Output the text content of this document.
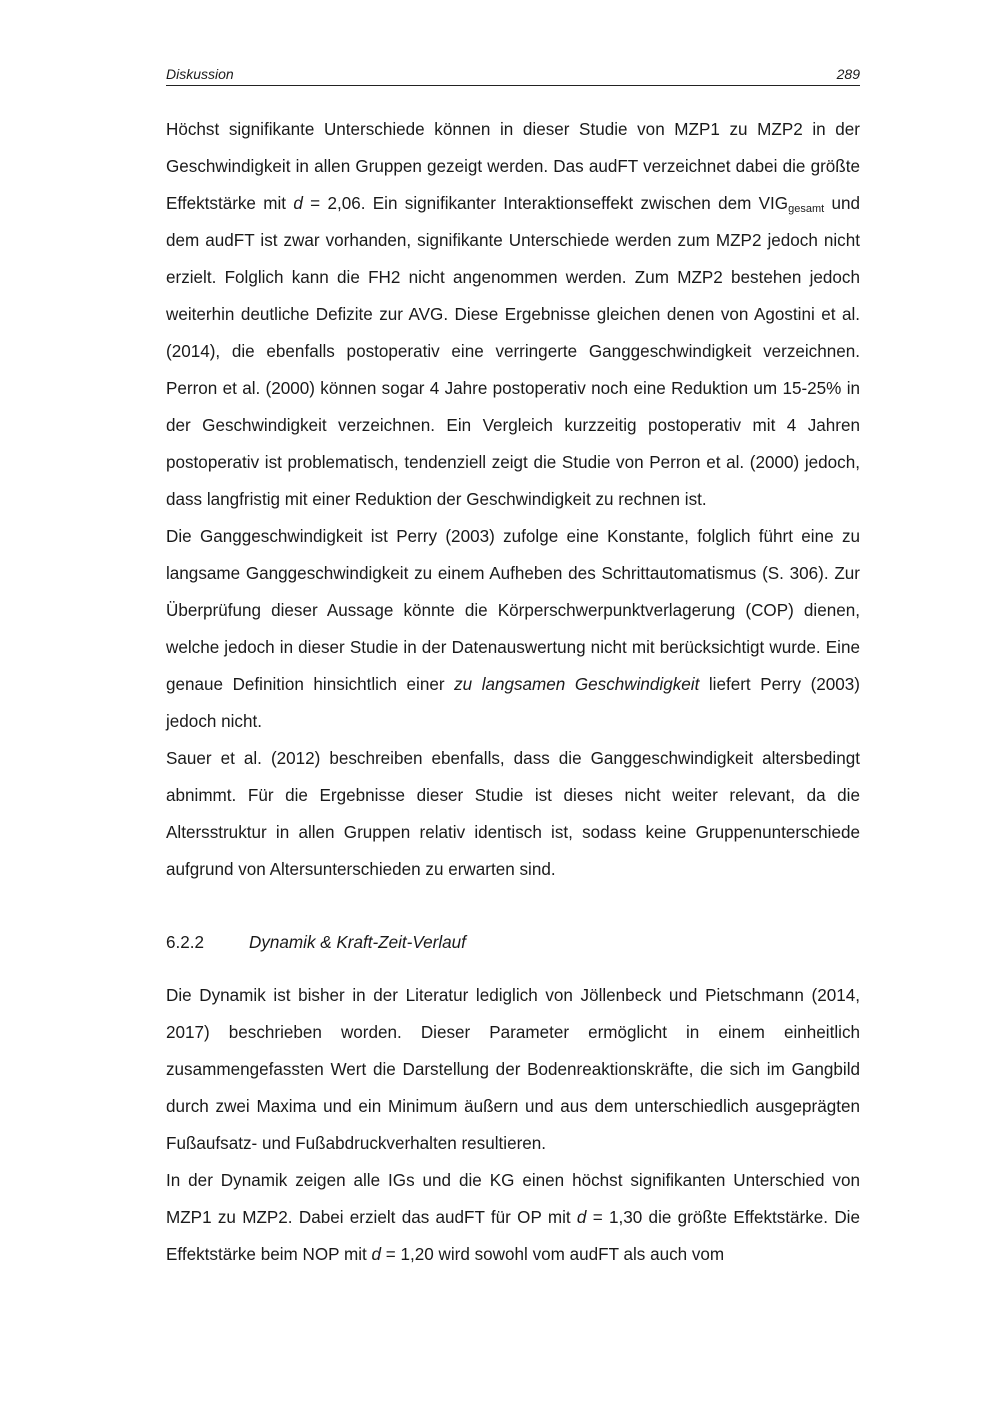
Diskussion	289

Höchst signifikante Unterschiede können in dieser Studie von MZP1 zu MZP2 in der Geschwindigkeit in allen Gruppen gezeigt werden. Das audFT verzeichnet dabei die größte Effektstärke mit d = 2,06. Ein signifikanter Interaktionseffekt zwischen dem $VIG_{gesamt}$ und dem audFT ist zwar vorhanden, signifikante Unterschiede werden zum MZP2 jedoch nicht erzielt. Folglich kann die FH2 nicht angenommen werden. Zum MZP2 bestehen jedoch weiterhin deutliche Defizite zur AVG. Diese Ergebnisse gleichen denen von Agostini et al. (2014), die ebenfalls postoperativ eine verringerte Ganggeschwindigkeit verzeichnen. Perron et al. (2000) können sogar 4 Jahre postoperativ noch eine Reduktion um 15-25% in der Geschwindigkeit verzeichnen. Ein Vergleich kurzzeitig postoperativ mit 4 Jahren postoperativ ist problematisch, tendenziell zeigt die Studie von Perron et al. (2000) jedoch, dass langfristig mit einer Reduktion der Geschwindigkeit zu rechnen ist.

Die Ganggeschwindigkeit ist Perry (2003) zufolge eine Konstante, folglich führt eine zu langsame Ganggeschwindigkeit zu einem Aufheben des Schrittautomatismus (S. 306). Zur Überprüfung dieser Aussage könnte die Körperschwerpunktverlagerung (COP) dienen, welche jedoch in dieser Studie in der Datenauswertung nicht mit berücksichtigt wurde. Eine genaue Definition hinsichtlich einer zu langsamen Geschwindigkeit liefert Perry (2003) jedoch nicht.

Sauer et al. (2012) beschreiben ebenfalls, dass die Ganggeschwindigkeit altersbedingt abnimmt. Für die Ergebnisse dieser Studie ist dieses nicht weiter relevant, da die Altersstruktur in allen Gruppen relativ identisch ist, sodass keine Gruppenunterschiede aufgrund von Altersunterschieden zu erwarten sind.

6.2.2	Dynamik & Kraft-Zeit-Verlauf

Die Dynamik ist bisher in der Literatur lediglich von Jöllenbeck und Pietschmann (2014, 2017) beschrieben worden. Dieser Parameter ermöglicht in einem einheitlich zusammengefassten Wert die Darstellung der Bodenreaktionskräfte, die sich im Gangbild durch zwei Maxima und ein Minimum äußern und aus dem unterschiedlich ausgeprägten Fußaufsatz- und Fußabdruckverhalten resultieren.

In der Dynamik zeigen alle IGs und die KG einen höchst signifikanten Unterschied von MZP1 zu MZP2. Dabei erzielt das audFT für OP mit d = 1,30 die größte Effektstärke. Die Effektstärke beim NOP mit d = 1,20 wird sowohl vom audFT als auch vom
